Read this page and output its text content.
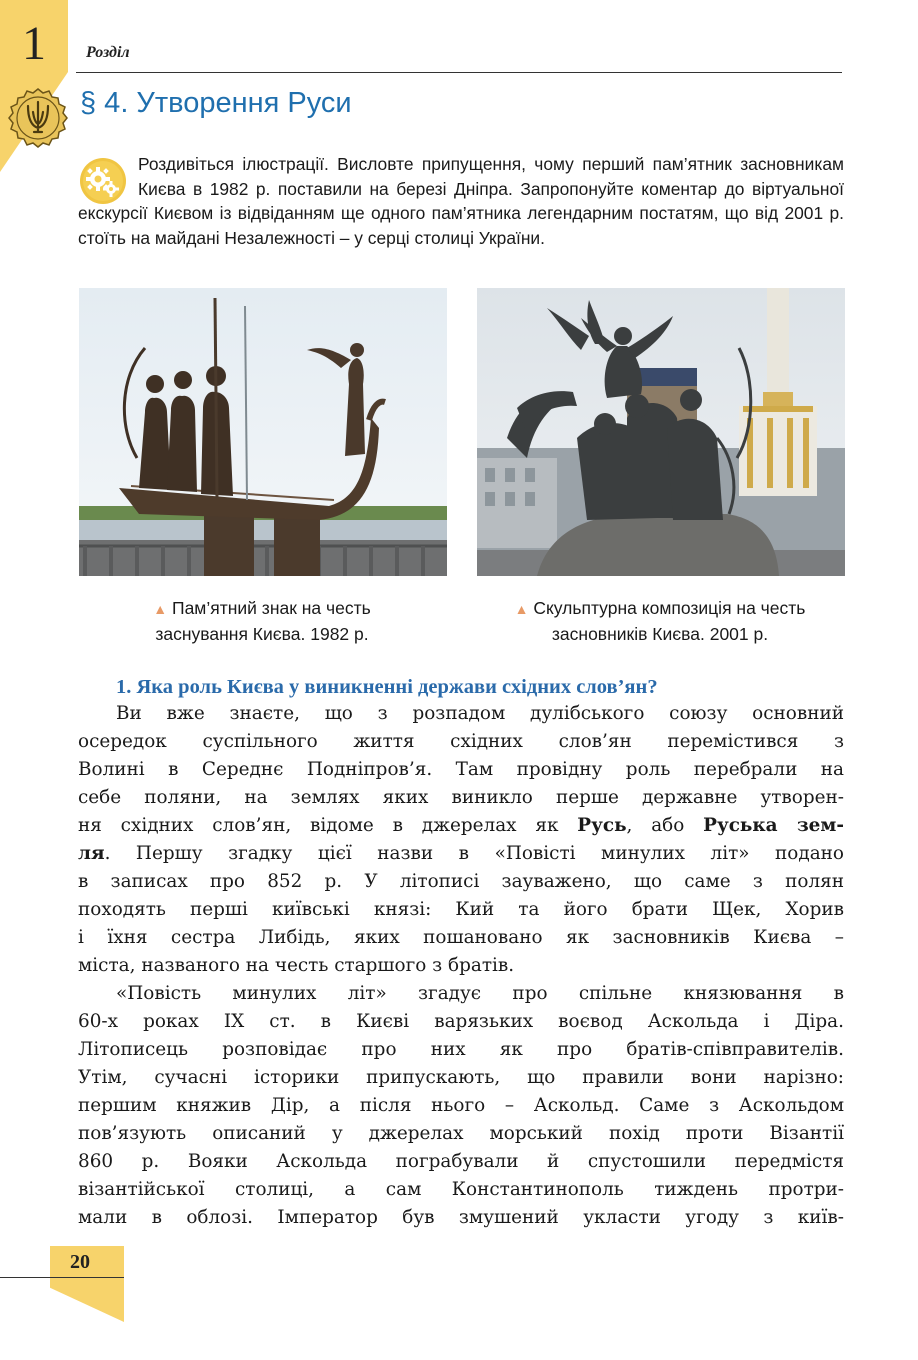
1	Розділ
§ 4. Утворення Руси
Роздивіться ілюстрації. Висловте припущення, чому перший пам’ятник засновникам Києва в 1982 р. поставили на березі Дніпра. Запропонуйте коментар до віртуальної екскурсії Києвом із відвіданням ще одного пам’ятника легендарним постатям, що від 2001 р. стоїть на майдані Незалежності – у серці столиці України.
▲ Пам’ятний знак на честь
заснування Києва. 1982 р.
▲ Скульптурна композиція на честь
засновників Києва. 2001 р.
1. Яка роль Києва у виникненні держави східних слов’ян?
Ви вже знаєте, що з розпадом дулібського союзу основний
осередок суспільного життя східних слов’ян перемістився з
Волині в Середнє Подніпров’я. Там провідну роль перебрали на
себе поляни, на землях яких виникло перше державне утворен-
ня східних слов’ян, відоме в джерелах як Русь, або Руська зем-
ля. Першу згадку цієї назви в «Повісті минулих літ» подано
в записах про 852 р. У літописі зауважено, що саме з полян
походять перші київські князі: Кий та його брати Щек, Хорив
і їхня сестра Либідь, яких пошановано як засновників Києва –
міста, названого на честь старшого з братів.
«Повість минулих літ» згадує про спільне князювання в
60-х роках IX ст. в Києві варязьких воєвод Аскольда і Діра.
Літописець розповідає про них як про братів-співправителів.
Утім, сучасні історики припускають, що правили вони нарізно:
першим княжив Дір, а після нього – Аскольд. Саме з Аскольдом
пов’язують описаний у джерелах морський похід проти Візантії
860 р. Вояки Аскольда пограбували й спустошили передмістя
візантійської столиці, а сам Константинополь тиждень протри-
мали в облозі. Імператор був змушений укласти угоду з київ-
20
